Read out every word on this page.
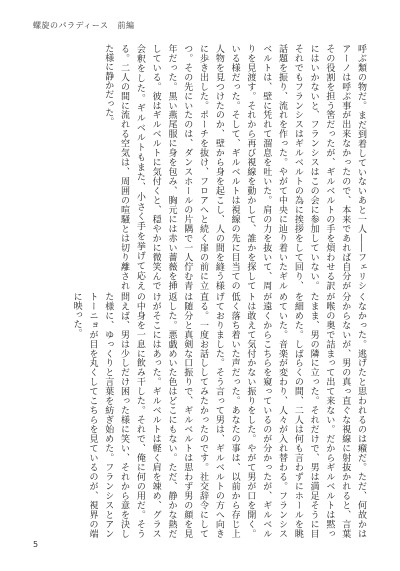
螺旋のパラディース 前編

呼ぶ類の物だ。まだ到着していないあと一人――フェリシアーノは呼ぶ事が出来なかったので、本来であれば自分がその役割を担う筈だったが、ギルベルトの手を煩わせる訳にはいかないと、フランシスはこの会に参加していない。それでもフランシスはギルベルトの為に挨拶をして回り、話題を振り、流れを作った。やがて中央に辿り着いたギルベルトは、壁に凭れて溜息を吐いた。肩の力を抜いて、周りを見渡す。それから再び視線を動かして、誰かを探している様だった。そして、ギルベルトは視線の先に目当ての人物を見つけたのか、壁から身を起こし、人の間を縫う様に歩き出した。ポーチを抜け、フロアへと続く扉の前に立つ。その先にいたのは、ダンスホールの片隅で一人佇む青年だった。黒い燕尾服に身を包み、胸元には赤い薔薇を挿している。彼はギルベルトに気付くと、穏やかに微笑んで会釈をした。ギルベルトもまた、小さく手を挙げて応える。二人の間に流れる空気は、周囲の喧騒とは切り離された様に静かだった。

くなかった。逃げたと思われるのは癪だ。ただ、何故かは分からないが、男の真っ直ぐな視線に射抜かれると、言葉が喉の奥で詰まって出て来ない。だからギルベルトは黙ったまま、男の隣に立った。それだけで、男は満足そうに目を細めた。しばらくの間、二人は何も言わずにホールを眺めていた。音楽が変わり、人々が入れ替わる。フランシスが遠くからこちらを窺っているのが分かったが、ギルベルトは敢えて気付かない振りをした。やがて男が口を開く。低く落ち着いた声だった。あなたの事は、以前から存じ上げておりました。そう言って男は、ギルベルトの方へ向き直る。一度お話ししてみたかったのです。社交辞令にしては随分と真剣な口振りで、ギルベルトは思わず男の顔を見返した。悪戯めいた色はどこにもない。ただ、静かな熱だけがそこにはあった。ギルベルトは軽く肩を竦め、グラスの中身を一息に飲み干した。それで、俺に何の用だ。そう問えば、男は少しだけ困った様に笑い、それから意を決した様に、ゆっくりと言葉を紡ぎ始めた。フランシスとアントーニョが目を丸くしてこちらを見ているのが、視界の端に映った。

5
